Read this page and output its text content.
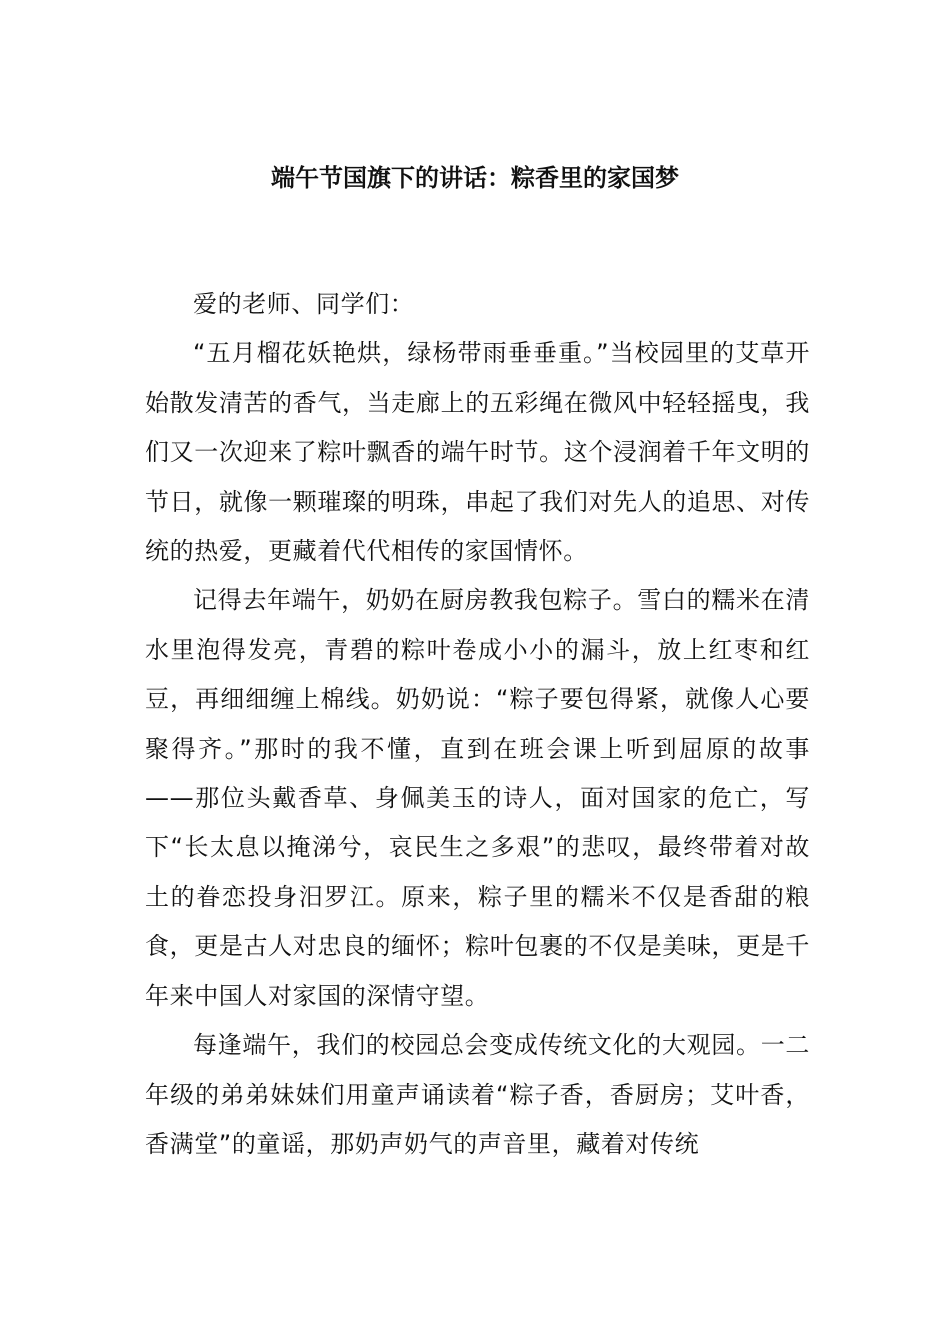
端午节国旗下的讲话：粽香里的家国梦

爱的老师、同学们：

“五月榴花妖艳烘，绿杨带雨垂垂重。”当校园里的艾草开始散发清苦的香气，当走廊上的五彩绳在微风中轻轻摇曳，我们又一次迎来了粽叶飘香的端午时节。这个浸润着千年文明的节日，就像一颗璀璨的明珠，串起了我们对先人的追思、对传统的热爱，更藏着代代相传的家国情怀。

记得去年端午，奶奶在厨房教我包粽子。雪白的糯米在清水里泡得发亮，青碧的粽叶卷成小小的漏斗，放上红枣和红豆，再细细缠上棉线。奶奶说：“粽子要包得紧，就像人心要聚得齐。”那时的我不懂，直到在班会课上听到屈原的故事——那位头戴香草、身佩美玉的诗人，面对国家的危亡，写下“长太息以掩涕兮，哀民生之多艰”的悲叹，最终带着对故土的眷恋投身汨罗江。原来，粽子里的糯米不仅是香甜的粮食，更是古人对忠良的缅怀；粽叶包裹的不仅是美味，更是千年来中国人对家国的深情守望。

每逢端午，我们的校园总会变成传统文化的大观园。一二年级的弟弟妹妹们用童声诵读着“粽子香，香厨房；艾叶香，香满堂”的童谣，那奶声奶气的声音里，藏着对传统
